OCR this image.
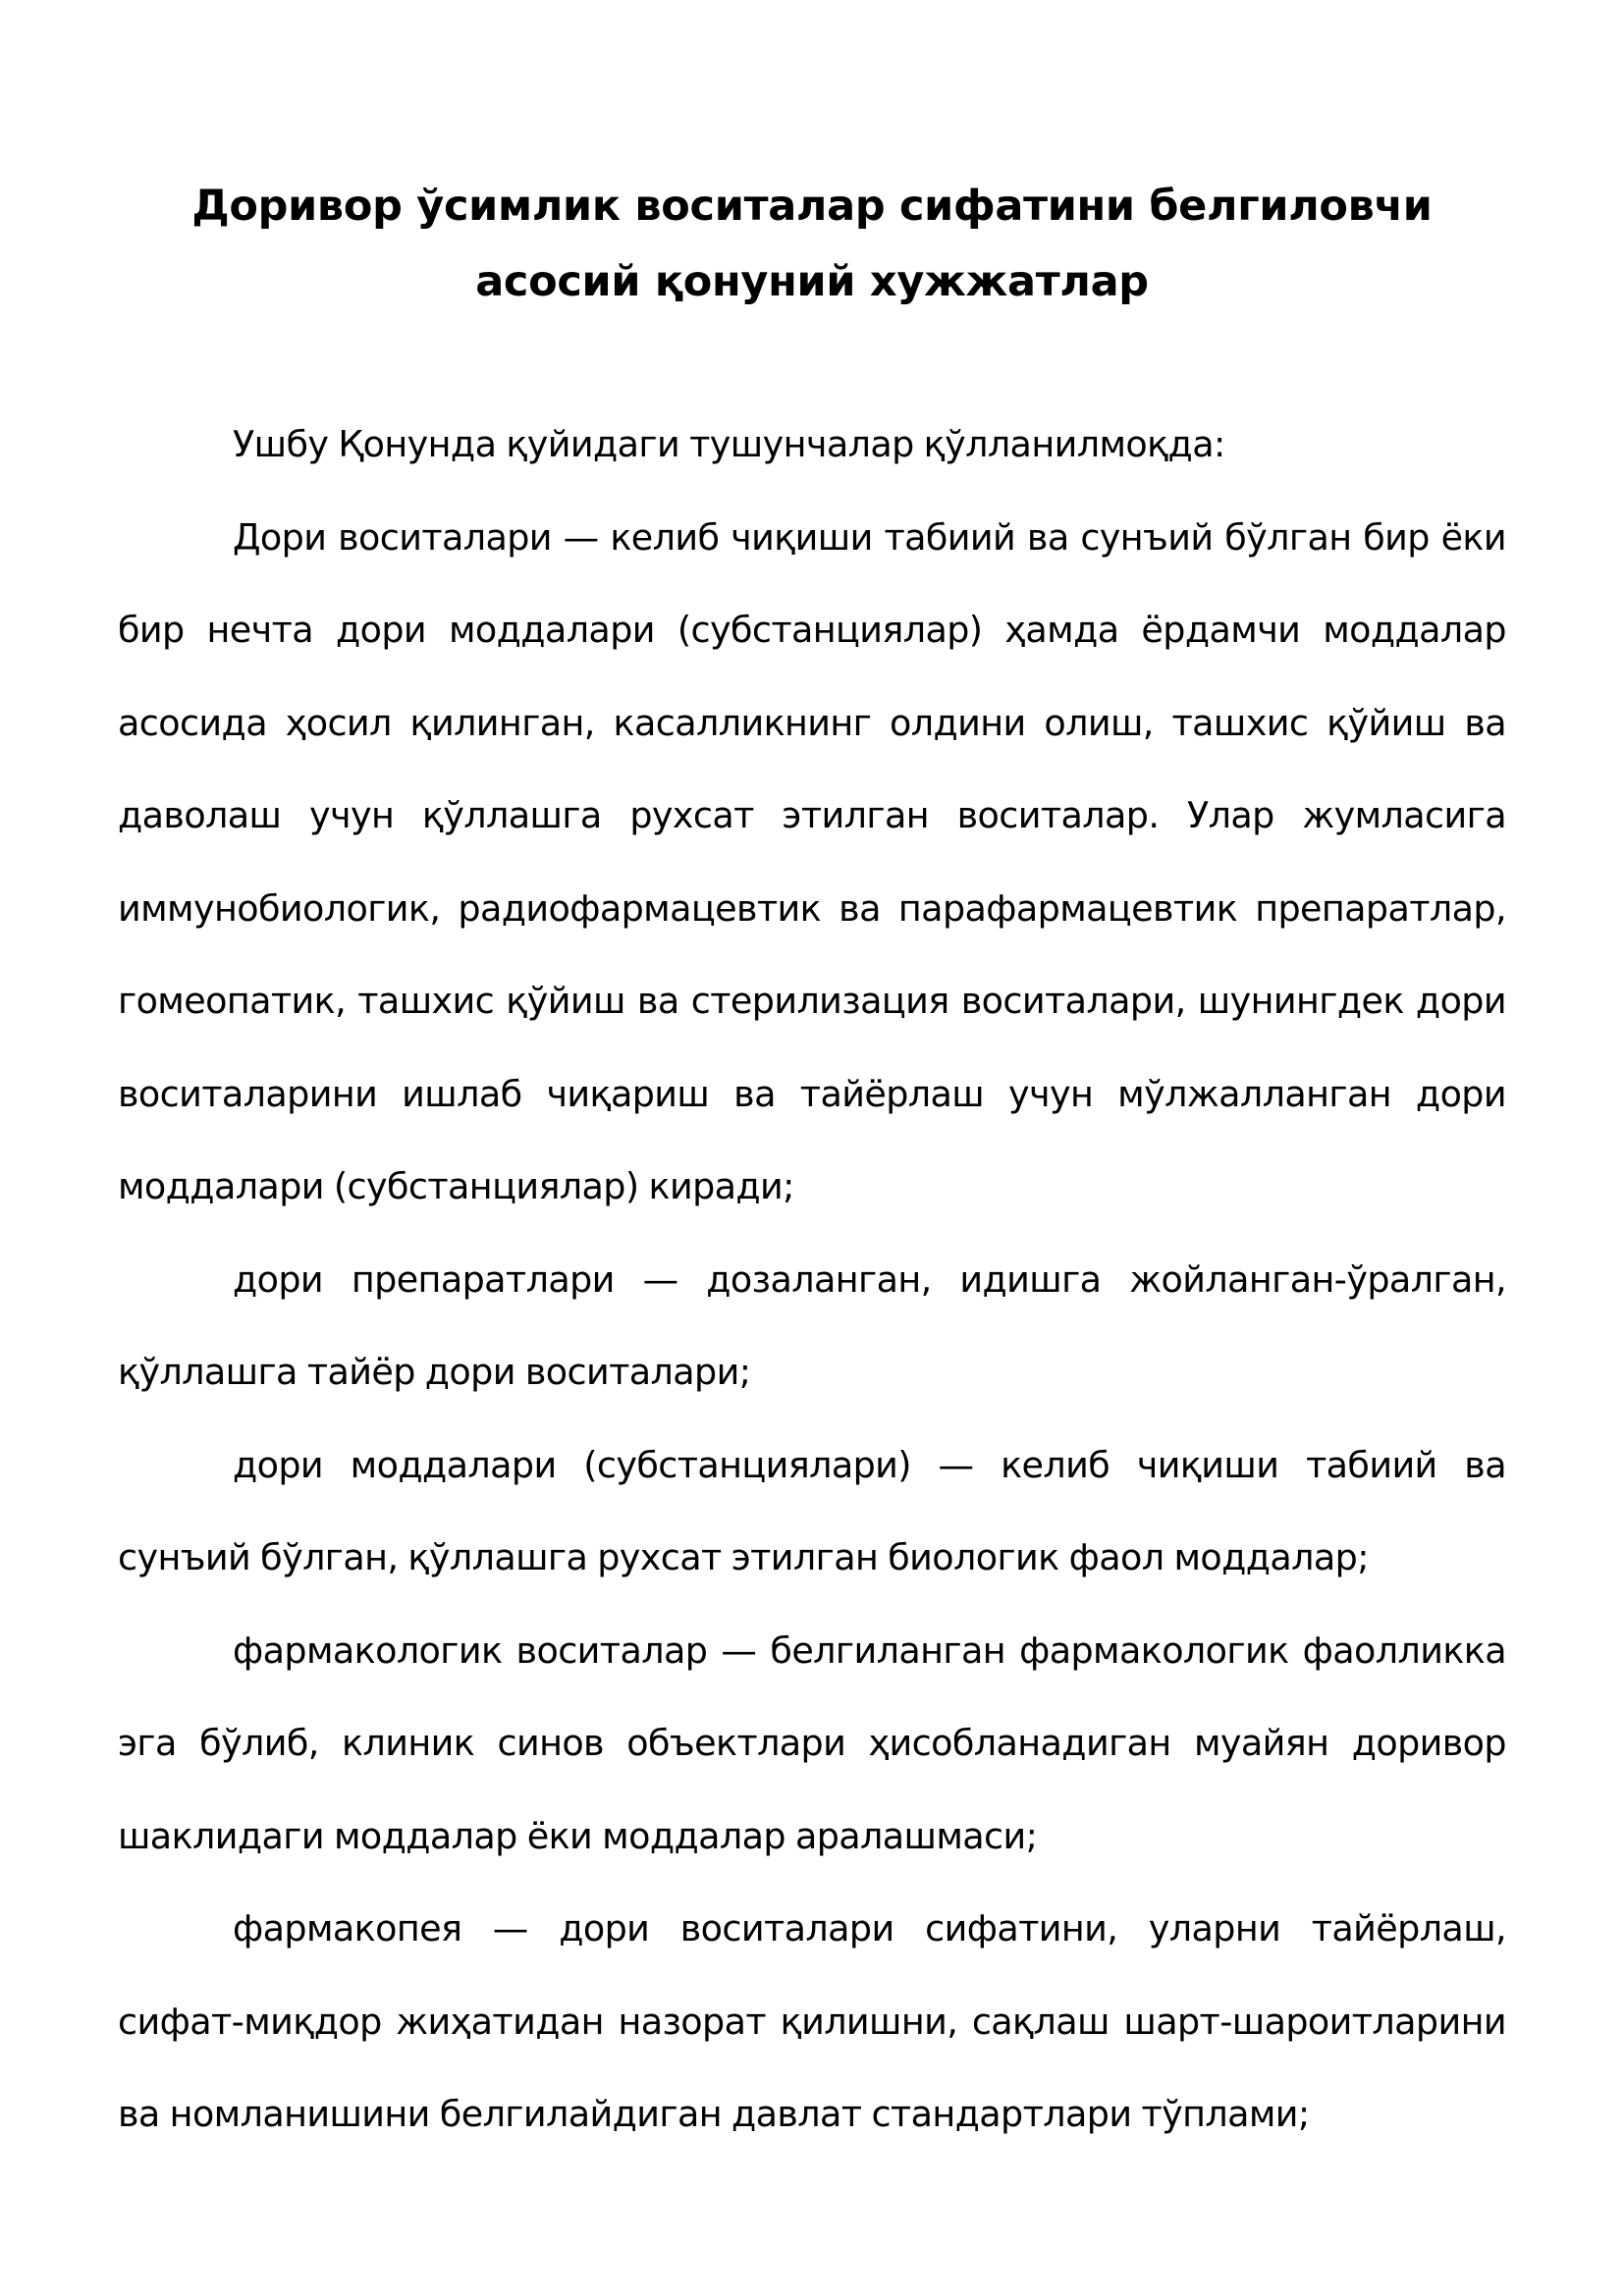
Доривор ўсимлик воситалар сифатини белгиловчи асосий қонуний хужжатлар

Ушбу Қонунда қуйидаги тушунчалар қўлланилмоқда:

Дори воситалари — келиб чиқиши табиий ва сунъий бўлган бир ёки бир нечта дори моддалари (субстанциялар) ҳамда ёрдамчи моддалар асосида ҳосил қилинган, касалликнинг олдини олиш, ташхис қўйиш ва даволаш учун қўллашга рухсат этилган воситалар. Улар жумласига иммунобиологик, радиофармацевтик ва парафармацевтик препаратлар, гомеопатик, ташхис қўйиш ва стерилизация воситалари, шунингдек дори воситаларини ишлаб чиқариш ва тайёрлаш учун мўлжалланган дори моддалари (субстанциялар) киради;

дори препаратлари — дозаланган, идишга жойланган-ўралган, қўллашга тайёр дори воситалари;

дори моддалари (субстанциялари) — келиб чиқиши табиий ва сунъий бўлган, қўллашга рухсат этилган биологик фаол моддалар;

фармакологик воситалар — белгиланган фармакологик фаолликка эга бўлиб, клиник синов объектлари ҳисобланадиган муайян доривор шаклидаги моддалар ёки моддалар аралашмаси;

фармакопея — дори воситалари сифатини, уларни тайёрлаш, сифат-миқдор жиҳатидан назорат қилишни, сақлаш шарт-шароитларини ва номланишини белгилайдиган давлат стандартлари тўплами;
